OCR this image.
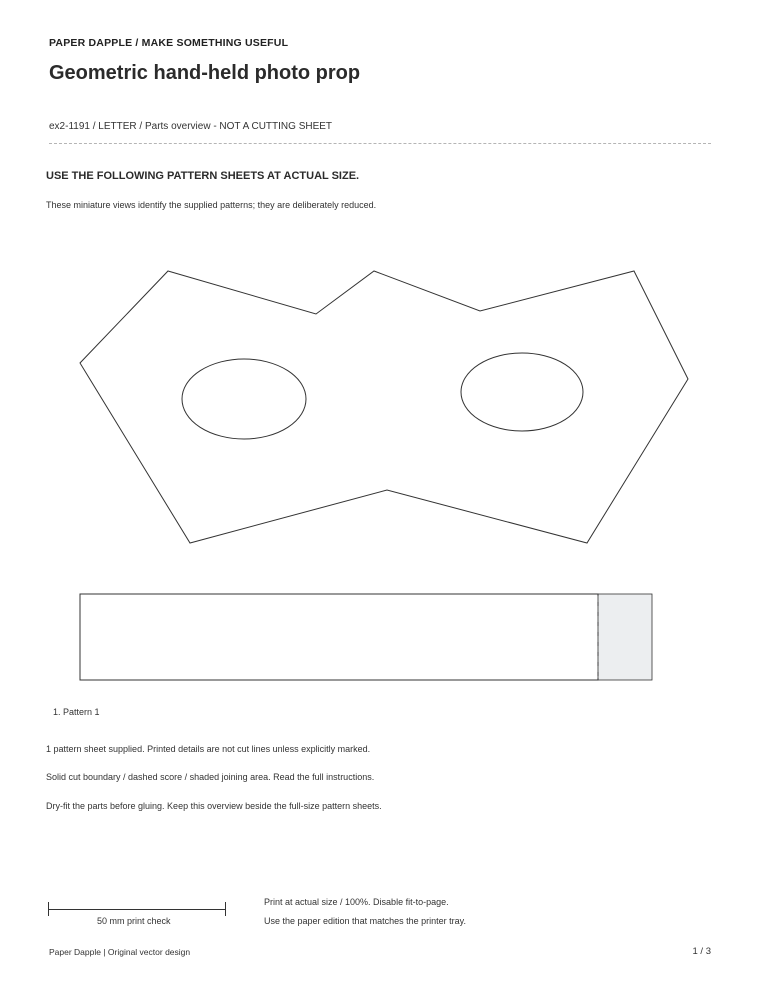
PAPER DAPPLE / MAKE SOMETHING USEFUL
Geometric hand-held photo prop
ex2-1191 / LETTER / Parts overview - NOT A CUTTING SHEET
USE THE FOLLOWING PATTERN SHEETS AT ACTUAL SIZE.
These miniature views identify the supplied patterns; they are deliberately reduced.
1. Pattern 1
1 pattern sheet supplied. Printed details are not cut lines unless explicitly marked.
Solid cut boundary / dashed score / shaded joining area. Read the full instructions.
Dry-fit the parts before gluing. Keep this overview beside the full-size pattern sheets.
50 mm print check
Print at actual size / 100%. Disable fit-to-page.
Use the paper edition that matches the printer tray.
Paper Dapple | Original vector design	1 / 3
